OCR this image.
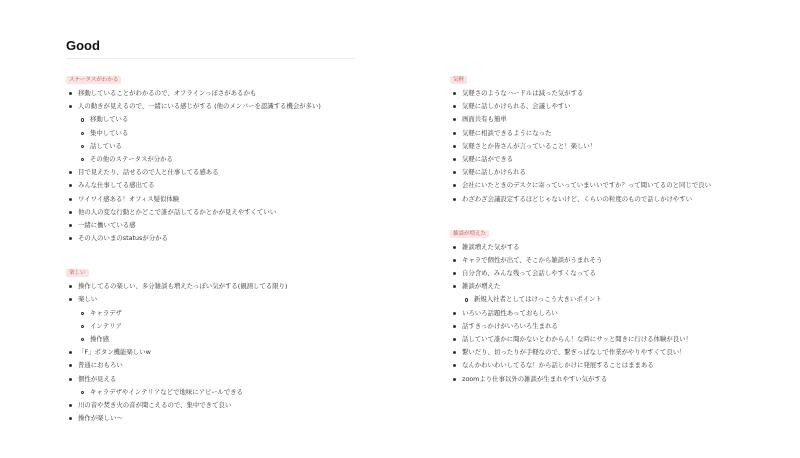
Good
ステータスがわかる
移動していることがわかるので、オフラインっぽさがあるかも
人の動きが見えるので、一緒にいる感じがする (他のメンバーを認識する機会が多い)
移動している
集中している
話している
その他のステータスが分かる
目で見えたり、話せるので人と仕事してる感ある
みんな仕事してる感出てる
ワイワイ感ある！オフィス疑似体験
他の人の変な行動とかどこで誰が話してるかとかが見えやすくていい
一緒に働いている感
その人のいまのstatusが分かる
楽しい
操作してるの楽しい、多分雑談も増えたっぽい気がする(観測してる限り)
楽しい
キャラデザ
インテリア
操作感
「F」ボタン機能楽しいw
普通におもろい
個性が見える
キャラデザやインテリアなどで地味にアピールできる
川の音や焚き火の音が聞こえるので、集中できて良い
操作が楽しい〜
気軽
気軽さのようなハードルは減った気がする
気軽に話しかけられる、会議しやすい
画面共有も簡単
気軽に相談できるようになった
気軽さとか皆さんが言っていること！楽しい！
気軽に話ができる
気軽に話しかけられる
会社にいたときのデスクに寄っていっていまいいですか？って聞いてるのと同じで良い
わざわざ会議設定するほどじゃないけど、くらいの粒度のもので話しかけやすい
雑談が増えた
雑談増えた気がする
キャラで個性が出て、そこから雑談がうまれそう
自分含め、みんな残って会話しやすくなってる
雑談が増えた
新規入社者としてはけっこう大きいポイント
いろいろ話題性あっておもしろい
話すきっかけがいろいろ生まれる
話していて誰かに聞かないとわからん！な時にサッと聞きに行ける体験が良い！
繋いだり、切ったりが手軽なので、繋ぎっぱなしで作業がやりやすくて良い！
なんかわいわいしてるな！から話しかけに発展することはままある
zoomより仕事以外の雑談が生まれやすい気がする
